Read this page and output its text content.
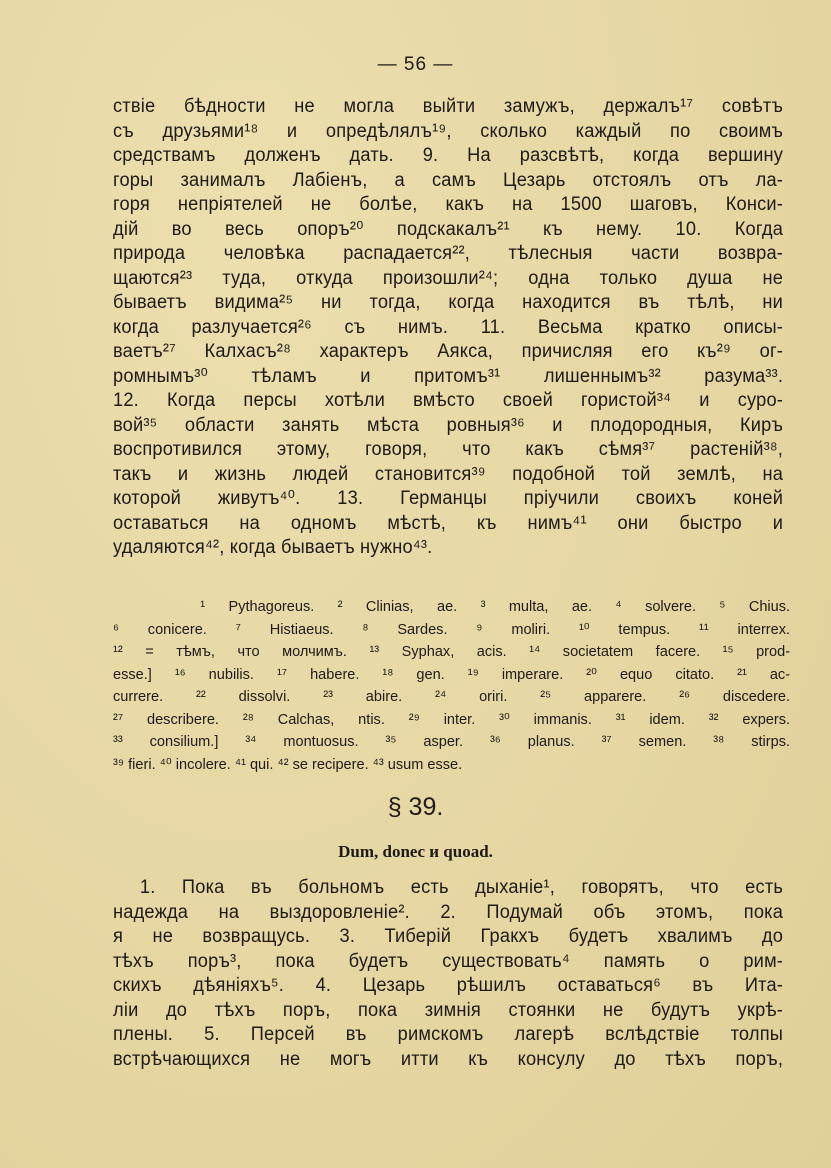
— 56 —
ствіе бѣдности не могла выйти замужъ, держалъ¹⁷ совѣтъ
съ друзьями¹⁸ и опредѣлялъ¹⁹, сколько каждый по своимъ
средствамъ долженъ дать. 9. На разсвѣтѣ, когда вершину
горы занималъ Лабіенъ, а самъ Цезарь отстоялъ отъ ла-
горя непріятелей не болѣе, какъ на 1500 шаговъ, Конси-
дій во весь опоръ²⁰ подскакалъ²¹ къ нему. 10. Когда
природа человѣка распадается²², тѣлесныя части возвра-
щаются²³ туда, откуда произошли²⁴; одна только душа не
бываетъ видима²⁵ ни тогда, когда находится въ тѣлѣ, ни
когда разлучается²⁶ съ нимъ. 11. Весьма кратко описы-
ваетъ²⁷ Калхасъ²⁸ характеръ Аякса, причисляя его къ²⁹ ог-
ромнымъ³⁰ тѣламъ и притомъ³¹ лишеннымъ³² разума³³.
12. Когда персы хотѣли вмѣсто своей гористой³⁴ и суро-
вой³⁵ области занять мѣста ровныя³⁶ и плодородныя, Киръ
воспротивился этому, говоря, что какъ сѣмя³⁷ растеній³⁸,
такъ и жизнь людей становится³⁹ подобной той землѣ, на
которой живутъ⁴⁰. 13. Германцы пріучили своихъ коней
оставаться на одномъ мѣстѣ, къ нимъ⁴¹ они быстро и
удаляются⁴², когда бываетъ нужно⁴³.
¹ Pythagoreus. ² Clinias, ae. ³ multa, ae. ⁴ solvere. ⁵ Chius.
⁶ conicere. ⁷ Histiaeus. ⁸ Sardes. ⁹ moliri. ¹⁰ tempus. ¹¹ interrex.
¹² = тѣмъ, что молчимъ. ¹³ Syphax, acis. ¹⁴ societatem facere. ¹⁵ prod-
esse.] ¹⁶ nubilis. ¹⁷ habere. ¹⁸ gen. ¹⁹ imperare. ²⁰ equo citato. ²¹ ac-
currere. ²² dissolvi. ²³ abire. ²⁴ oriri. ²⁵ apparere. ²⁶ discedere.
²⁷ describere. ²⁸ Calchas, ntis. ²⁹ inter. ³⁰ immanis. ³¹ idem. ³² expers.
³³ consilium.] ³⁴ montuosus. ³⁵ asper. ³⁶ planus. ³⁷ semen. ³⁸ stirps.
³⁹ fieri. ⁴⁰ incolere. ⁴¹ qui. ⁴² se recipere. ⁴³ usum esse.
§ 39.
Dum, donec и quoad.
1. Пока въ больномъ есть дыханіе¹, говорятъ, что есть
надежда на выздоровленіе². 2. Подумай объ этомъ, пока
я не возвращусь. 3. Тиберій Гракхъ будетъ хвалимъ до
тѣхъ поръ³, пока будетъ существовать⁴ память о рим-
скихъ дѣяніяхъ⁵. 4. Цезарь рѣшилъ оставаться⁶ въ Ита-
ліи до тѣхъ поръ, пока зимнія стоянки не будутъ укрѣ-
плены. 5. Персей въ римскомъ лагерѣ вслѣдствіе толпы
встрѣчающихся не могъ итти къ консулу до тѣхъ поръ,
